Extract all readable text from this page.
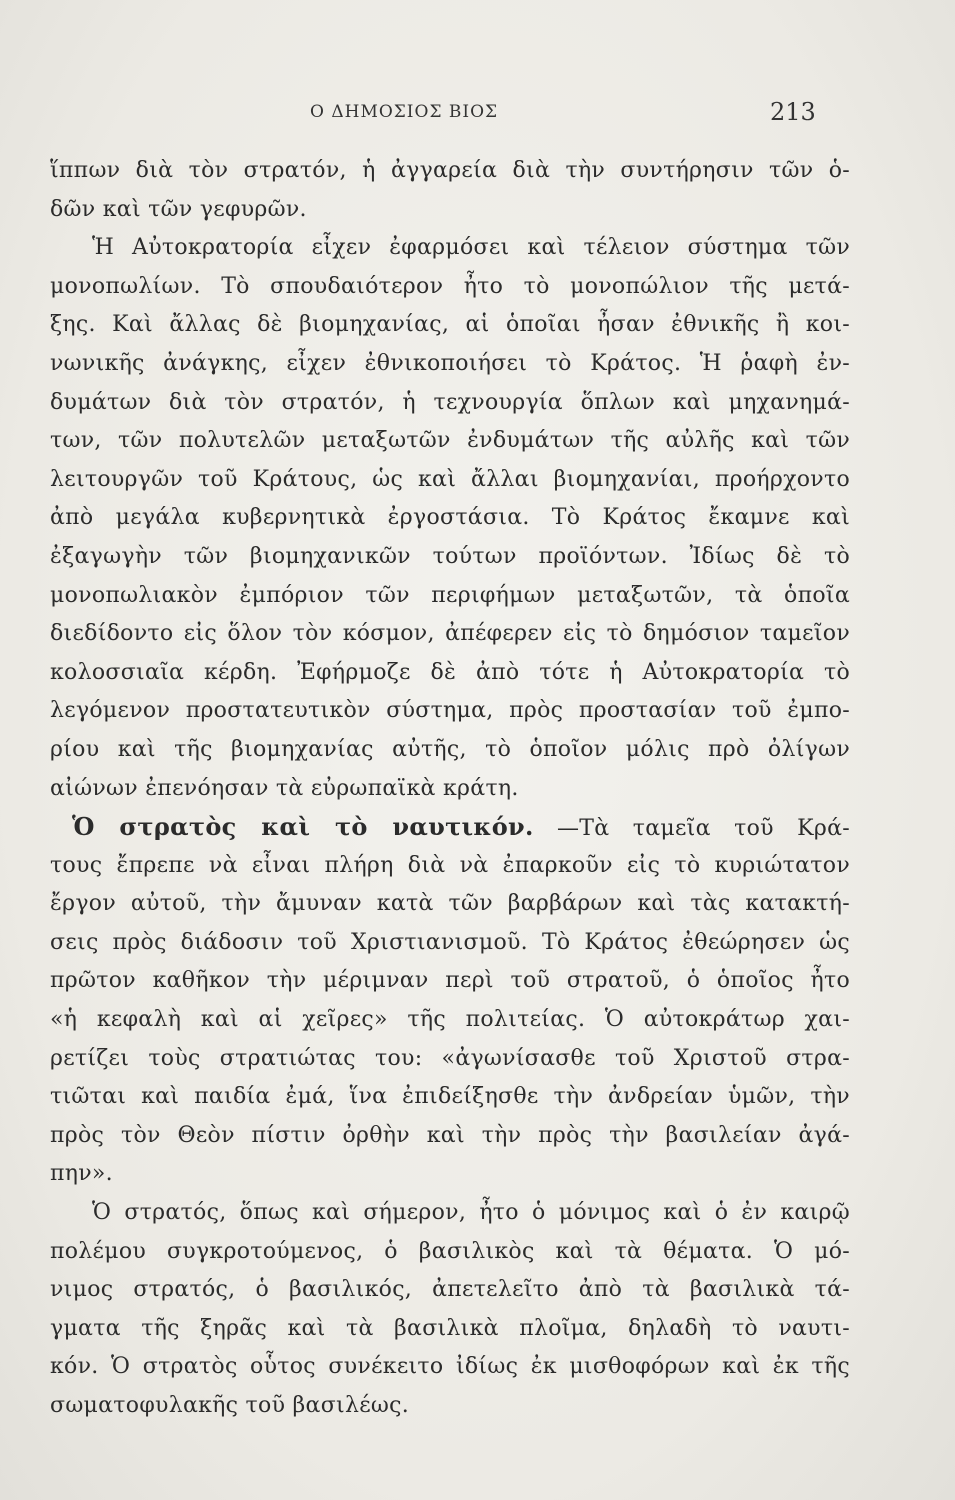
Ο ΔΗΜΟΣΙΟΣ ΒΙΟΣ	213
ἵππων διὰ τὸν στρατόν, ἡ ἀγγαρεία διὰ τὴν συντήρησιν τῶν ὁ-
δῶν καὶ τῶν γεφυρῶν.
Ἡ Αὐτοκρατορία εἶχεν ἐφαρμόσει καὶ τέλειον σύστημα τῶν
μονοπωλίων. Τὸ σπουδαιότερον ἦτο τὸ μονοπώλιον τῆς μετά-
ξης. Καὶ ἄλλας δὲ βιομηχανίας, αἱ ὁποῖαι ἦσαν ἐθνικῆς ἢ κοι-
νωνικῆς ἀνάγκης, εἶχεν ἐθνικοποιήσει τὸ Κράτος. Ἡ ῥαφὴ ἐν-
δυμάτων διὰ τὸν στρατόν, ἡ τεχνουργία ὅπλων καὶ μηχανημά-
των, τῶν πολυτελῶν μεταξωτῶν ἐνδυμάτων τῆς αὐλῆς καὶ τῶν
λειτουργῶν τοῦ Κράτους, ὡς καὶ ἄλλαι βιομηχανίαι, προήρχοντο
ἀπὸ μεγάλα κυβερνητικὰ ἐργοστάσια. Τὸ Κράτος ἔκαμνε καὶ
ἐξαγωγὴν τῶν βιομηχανικῶν τούτων προϊόντων. Ἰδίως δὲ τὸ
μονοπωλιακὸν ἐμπόριον τῶν περιφήμων μεταξωτῶν, τὰ ὁποῖα
διεδίδοντο εἰς ὅλον τὸν κόσμον, ἀπέφερεν εἰς τὸ δημόσιον ταμεῖον
κολοσσιαῖα κέρδη. Ἐφήρμοζε δὲ ἀπὸ τότε ἡ Αὐτοκρατορία τὸ
λεγόμενον προστατευτικὸν σύστημα, πρὸς προστασίαν τοῦ ἐμπο-
ρίου καὶ τῆς βιομηχανίας αὐτῆς, τὸ ὁποῖον μόλις πρὸ ὀλίγων
αἰώνων ἐπενόησαν τὰ εὐρωπαϊκὰ κράτη.
Ὁ στρατὸς καὶ τὸ ναυτικόν. —Τὰ ταμεῖα τοῦ Κρά-
τους ἔπρεπε νὰ εἶναι πλήρη διὰ νὰ ἐπαρκοῦν εἰς τὸ κυριώτατον
ἔργον αὐτοῦ, τὴν ἄμυναν κατὰ τῶν βαρβάρων καὶ τὰς κατακτή-
σεις πρὸς διάδοσιν τοῦ Χριστιανισμοῦ. Τὸ Κράτος ἐθεώρησεν ὡς
πρῶτον καθῆκον τὴν μέριμναν περὶ τοῦ στρατοῦ, ὁ ὁποῖος ἦτο
«ἡ κεφαλὴ καὶ αἱ χεῖρες» τῆς πολιτείας. Ὁ αὐτοκράτωρ χαι-
ρετίζει τοὺς στρατιώτας του: «ἀγωνίσασθε τοῦ Χριστοῦ στρα-
τιῶται καὶ παιδία ἐμά, ἵνα ἐπιδείξησθε τὴν ἀνδρείαν ὑμῶν, τὴν
πρὸς τὸν Θεὸν πίστιν ὀρθὴν καὶ τὴν πρὸς τὴν βασιλείαν ἀγά-
πην».
Ὁ στρατός, ὅπως καὶ σήμερον, ἦτο ὁ μόνιμος καὶ ὁ ἐν καιρῷ
πολέμου συγκροτούμενος, ὁ βασιλικὸς καὶ τὰ θέματα. Ὁ μό-
νιμος στρατός, ὁ βασιλικός, ἀπετελεῖτο ἀπὸ τὰ βασιλικὰ τά-
γματα τῆς ξηρᾶς καὶ τὰ βασιλικὰ πλοῖμα, δηλαδὴ τὸ ναυτι-
κόν. Ὁ στρατὸς οὗτος συνέκειτο ἰδίως ἐκ μισθοφόρων καὶ ἐκ τῆς
σωματοφυλακῆς τοῦ βασιλέως.
